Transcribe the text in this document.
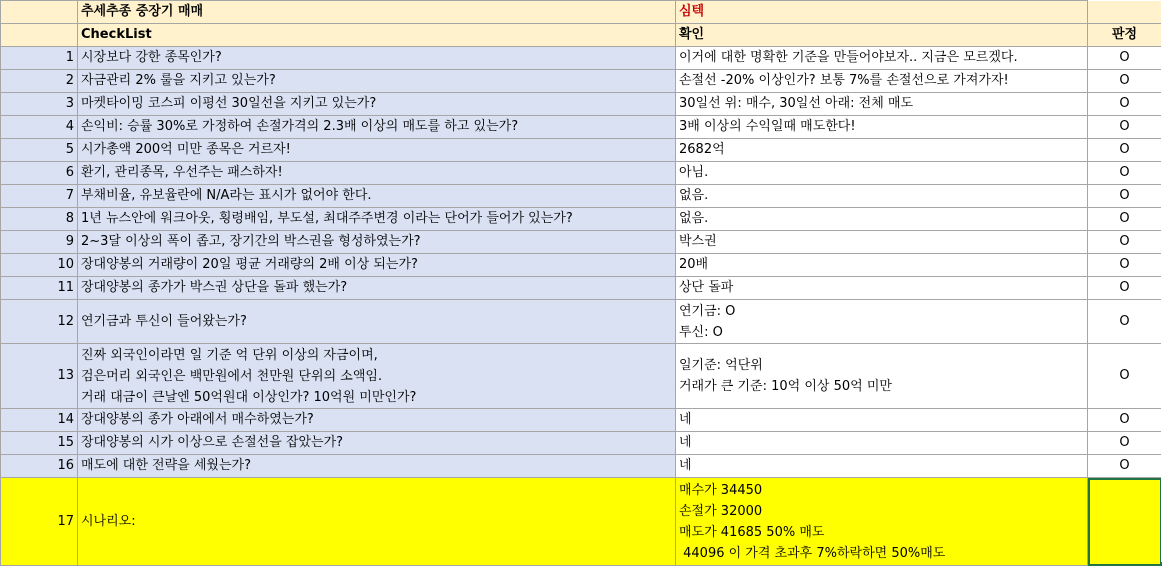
	추세추종 중장기 매매	심텍	
	CheckList	확인	판정
1	시장보다 강한 종목인가?	이거에 대한 명확한 기준을 만들어야보자.. 지금은 모르겠다.	O
2	자금관리 2% 룰을 지키고 있는가?	손절선 -20% 이상인가? 보통 7%를 손절선으로 가져가자!	O
3	마켓타이밍 코스피 이평선 30일선을 지키고 있는가?	30일선 위: 매수, 30일선 아래: 전체 매도	O
4	손익비: 승률 30%로 가정하여 손절가격의 2.3배 이상의 매도를 하고 있는가?	3배 이상의 수익일때 매도한다!	O
5	시가총액 200억 미만 종목은 거르자!	2682억	O
6	환기, 관리종목, 우선주는 패스하자!	아님.	O
7	부채비율, 유보율란에 N/A라는 표시가 없어야 한다.	없음.	O
8	1년 뉴스안에 워크아웃, 횡령배임, 부도설, 최대주주변경 이라는 단어가 들어가 있는가?	없음.	O
9	2~3달 이상의 폭이 좁고, 장기간의 박스권을 형성하였는가?	박스권	O
10	장대양봉의 거래량이 20일 평균 거래량의 2배 이상 되는가?	20배	O
11	장대양봉의 종가가 박스권 상단을 돌파 했는가?	상단 돌파	O
12	연기금과 투신이 들어왔는가?	연기금: O
투신: O	O
13	진짜 외국인이라면 일 기준 억 단위 이상의 자금이며,
검은머리 외국인은 백만원에서 천만원 단위의 소액임.
거래 대금이 큰날엔 50억원대 이상인가? 10억원 미만인가?	일기준: 억단위
거래가 큰 기준: 10억 이상 50억 미만	O
14	장대양봉의 종가 아래에서 매수하였는가?	네	O
15	장대양봉의 시가 이상으로 손절선을 잡았는가?	네	O
16	매도에 대한 전략을 세웠는가?	네	O
17	시나리오:	매수가 34450
손절가 32000
매도가 41685 50% 매도
44096 이 가격 초과후 7%하락하면 50%매도	
